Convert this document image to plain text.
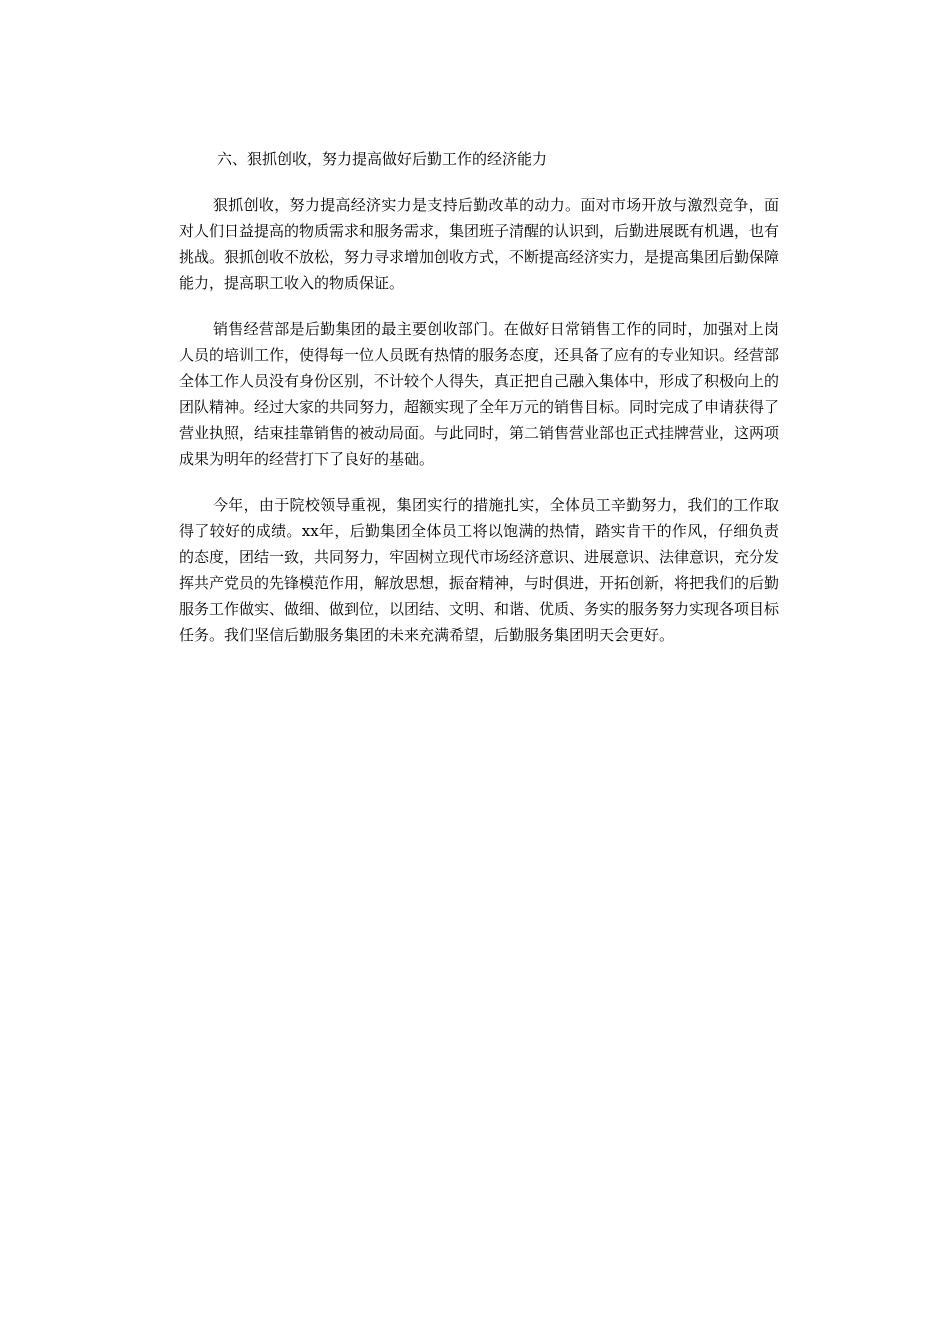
六、狠抓创收，努力提高做好后勤工作的经济能力

狠抓创收，努力提高经济实力是支持后勤改革的动力。面对市场开放与激烈竞争，面对人们日益提高的物质需求和服务需求，集团班子清醒的认识到，后勤进展既有机遇，也有挑战。狠抓创收不放松，努力寻求增加创收方式，不断提高经济实力，是提高集团后勤保障能力，提高职工收入的物质保证。

销售经营部是后勤集团的最主要创收部门。在做好日常销售工作的同时，加强对上岗人员的培训工作，使得每一位人员既有热情的服务态度，还具备了应有的专业知识。经营部全体工作人员没有身份区别，不计较个人得失，真正把自己融入集体中，形成了积极向上的团队精神。经过大家的共同努力，超额实现了全年万元的销售目标。同时完成了申请获得了营业执照，结束挂靠销售的被动局面。与此同时，第二销售营业部也正式挂牌营业，这两项成果为明年的经营打下了良好的基础。

今年，由于院校领导重视，集团实行的措施扎实，全体员工辛勤努力，我们的工作取得了较好的成绩。xx年，后勤集团全体员工将以饱满的热情，踏实肯干的作风，仔细负责的态度，团结一致，共同努力，牢固树立现代市场经济意识、进展意识、法律意识，充分发挥共产党员的先锋模范作用，解放思想，振奋精神，与时俱进，开拓创新，将把我们的后勤服务工作做实、做细、做到位，以团结、文明、和谐、优质、务实的服务努力实现各项目标任务。我们坚信后勤服务集团的未来充满希望，后勤服务集团明天会更好。
